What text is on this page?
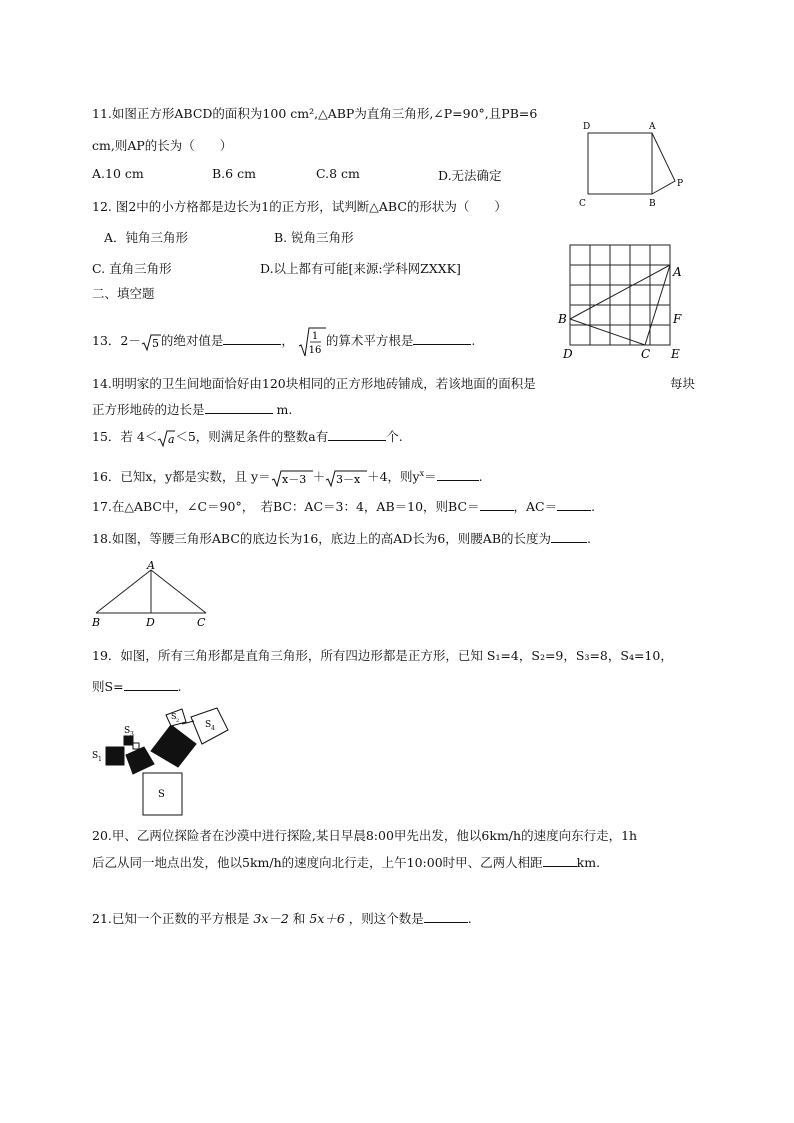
11.如图正方形ABCD的面积为100 cm²,△ABP为直角三角形,∠P=90°,且PB=6
cm,则AP的长为（　　）
A.10 cm	B.6 cm	C.8 cm	D.无法确定
D	A
C	B
P
12. 图2中的小方格都是边长为1的正方形，试判断△ABC的形状为（　　）
A．钝角三角形	B. 锐角三角形
C. 直角三角形	D.以上都有可能[来源:学科网ZXXK]
二、填空题
A
B	F
D	C E
13．2－ 5 的绝对值是	， 1
16
的算术平方根是	.
14.明明家的卫生间地面恰好由120块相同的正方形地砖铺成，若该地面的面积是	每块
正方形地砖的边长是	m.
15．若 4＜ a ＜5，则满足条件的整数a有	个.
16．已知x，y都是实数，且 y＝ x－3 ＋ 3－x ＋4，则$y^x=$	.
17.在△ABC中，∠C＝90°，　若BC：AC＝3：4，AB＝10，则BC＝	，AC＝	.
18.如图，等腰三角形ABC的底边长为16，底边上的高AD长为6，则腰AB的长度为	.
A
B	D	C
19．如图，所有三角形都是直角三角形，所有四边形都是正方形，已知 S₁=4，S₂=9，S₃=8，S₄=10，
则S=	.
S 1
S 3
S 2	S 4
S
20.甲、乙两位探险者在沙漠中进行探险,某日早晨8:00甲先出发，他以6km/h的速度向东行走，1h
后乙从同一地点出发，他以5km/h的速度向北行走，上午10:00时甲、乙两人相距	km.
21.已知一个正数的平方根是 3x－2 和 5x＋6 ，则这个数是	.
